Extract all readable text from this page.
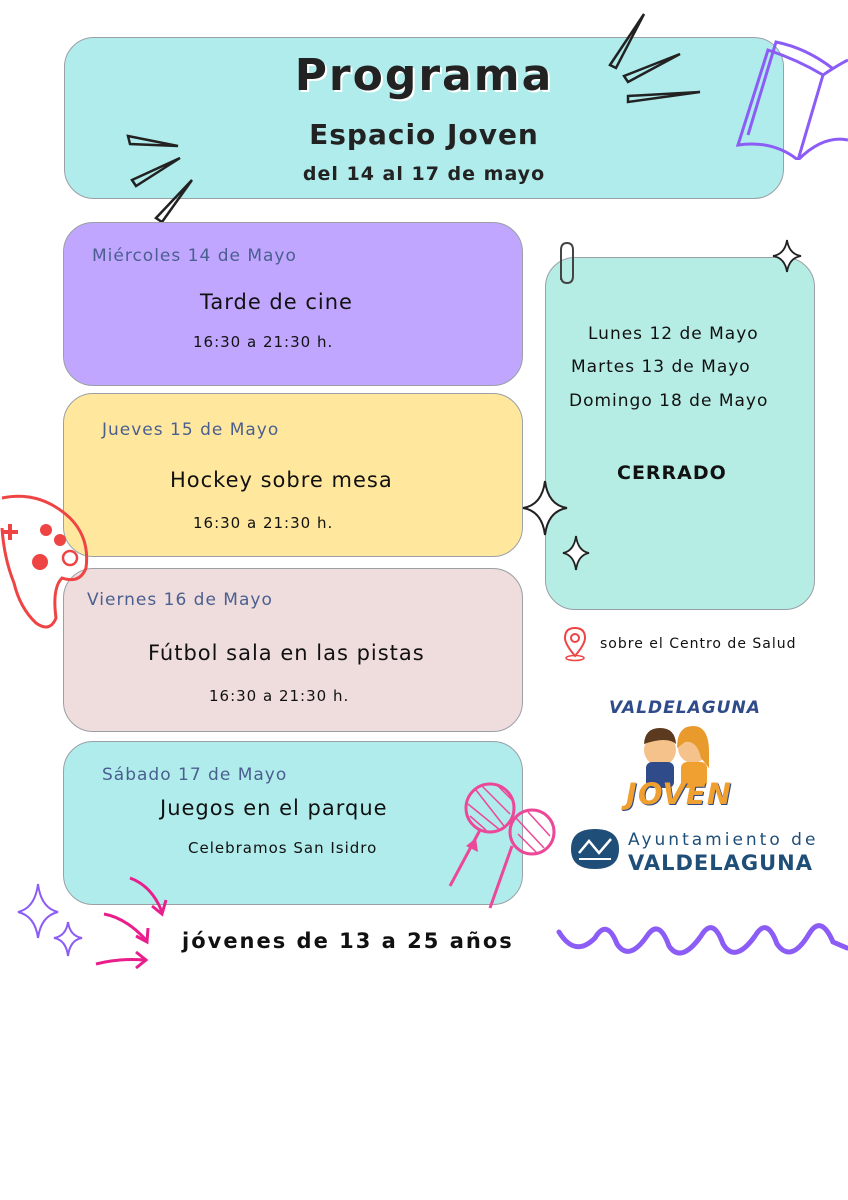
Programa
Espacio Joven
del 14 al 17 de mayo
Miércoles 14 de Mayo
Tarde de cine
16:30 a 21:30 h.
Jueves 15 de Mayo
Hockey sobre mesa
16:30 a 21:30 h.
Viernes 16 de Mayo
Fútbol sala en las pistas
16:30 a 21:30 h.
Sábado 17 de Mayo
Juegos en el parque
Celebramos San Isidro
Lunes 12 de Mayo
Martes 13 de Mayo
Domingo 18 de Mayo
CERRADO
sobre el Centro de Salud
VALDELAGUNA
JOVEN
Ayuntamiento de
VALDELAGUNA
jóvenes de 13 a 25 años
